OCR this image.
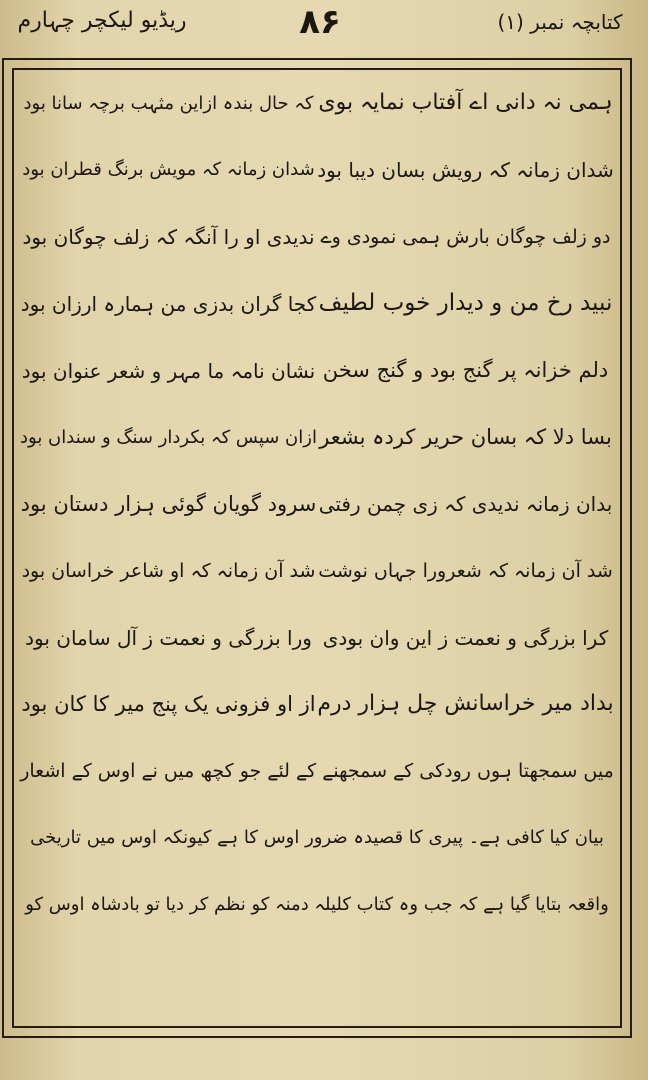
ریڈیو لیکچر چہارم	۸۶	کتابچہ نمبر (۱)
ہمی نہ دانی اے آفتاب نمایہ بوی
کہ حال بندہ ازاین مثہب برچہ سانا بود
شدان زمانہ کہ رویش بسان دیبا بود
شدان زمانہ کہ مویش برنگ قطران بود
دو زلف چوگان بارش ہمی نمودی وے
ندیدی او را آنگہ کہ زلف چوگان بود
نبید رخ من و دیدار خوب لطیف
کجا گران بدزی من ہمارہ ارزان بود
دلم خزانہ پر گنج بود و گنج سخن
نشان نامہ ما مہر و شعر عنوان بود
بسا دلا کہ بسان حریر کردہ بشعر
ازان سپس کہ بکردار سنگ و سنداں بود
بدان زمانہ ندیدی کہ زی چمن رفتی
سرود گویان گوئی ہزار دستان بود
شد آن زمانہ کہ شعرورا جہاں نوشت
شد آن زمانہ کہ او شاعر خراسان بود
کرا بزرگی و نعمت ز این وان بودی
ورا بزرگی و نعمت ز آل سامان بود
بداد میر خراسانش چل ہزار درم
از او فزونی یک پنج میر کا کان بود
میں سمجھتا ہوں رودکی کے سمجھنے کے لئے جو کچھ میں نے اوس کے اشعار
بیان کیا کافی ہے۔ پیری کا قصیدہ ضرور اوس کا ہے کیونکہ اوس میں تاریخی
واقعہ بتایا گیا ہے کہ جب وہ کتاب کلیلہ دمنہ کو نظم کر دیا تو بادشاہ اوس کو
